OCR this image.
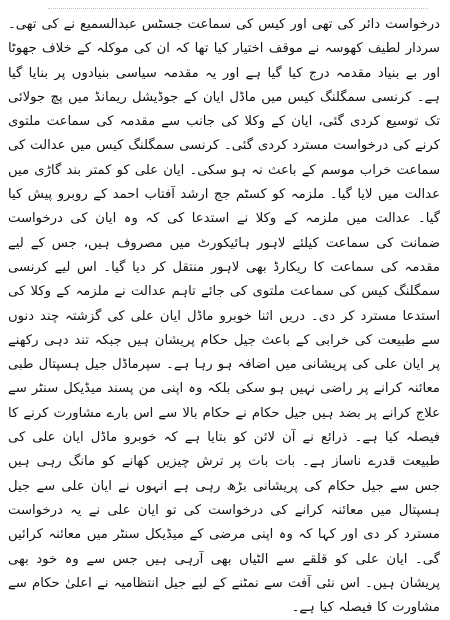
درخواست دائر کی تھی اور کیس کی سماعت جسٹس عبدالسمیع نے کی تھی۔ سردار لطیف کھوسہ نے موقف اختیار کیا تھا کہ ان کی موکلہ کے خلاف جھوٹا اور بے بنیاد مقدمہ درج کیا گیا ہے اور یہ مقدمہ سیاسی بنیادوں پر بنایا گیا ہے۔ کرنسی سمگلنگ کیس میں ماڈل ایان کے جوڈیشل ریمانڈ میں پچ جولائی تک توسیع کردی گئی، ایان کے وکلا کی جانب سے مقدمہ کی سماعت ملتوی کرنے کی درخواست مسترد کردی گئی۔ کرنسی سمگلنگ کیس میں عدالت کی سماعت خراب موسم کے باعث نہ ہو سکی۔ ایان علی کو کمتر بند گاڑی میں عدالت میں لایا گیا۔ ملزمہ کو کسٹم جج ارشد آفتاب احمد کے روبرو پیش کیا گیا۔ عدالت میں ملزمہ کے وکلا نے استدعا کی کہ وہ ایان کی درخواست ضمانت کی سماعت کیلئے لاہور ہائیکورٹ میں مصروف ہیں، جس کے لیے مقدمہ کی سماعت کا ریکارڈ بھی لاہور منتقل کر دیا گیا۔ اس لیے کرنسی سمگلنگ کیس کی سماعت ملتوی کی جائے تاہم عدالت نے ملزمہ کے وکلا کی استدعا مسترد کر دی۔ دریں اثنا خوبرو ماڈل ایان علی کی گزشتہ چند دنوں سے طبیعت کی خرابی کے باعث جیل حکام پریشان ہیں جبکہ تند دہی رکھنے پر ایان علی کی پریشانی میں اضافہ ہو رہا ہے۔ سپرماڈل جیل ہسپتال طبی معائنہ کرانے پر راضی نہیں ہو سکی بلکہ وہ اپنی من پسند میڈیکل سنٹر سے علاج کرانے پر بضد ہیں جیل حکام نے حکام بالا سے اس بارے مشاورت کرنے کا فیصلہ کیا ہے۔ ذرائع نے آن لائن کو بتایا ہے کہ خوبرو ماڈل ایان علی کی طبیعت قدرے ناساز ہے۔ بات بات پر ترش چیزیں کھانے کو مانگ رہی ہیں جس سے جیل حکام کی پریشانی بڑھ رہی ہے انہوں نے ایان علی سے جیل ہسپتال میں معائنہ کرانے کی درخواست کی تو ایان علی نے یہ درخواست مسترد کر دی اور کہا کہ وہ اپنی مرضی کے میڈیکل سنٹر میں معائنہ کرائیں گی۔ ایان علی کو قلقے سے الٹیاں بھی آرہی ہیں جس سے وہ خود بھی پریشان ہیں۔ اس نئی آفت سے نمٹنے کے لیے جیل انتظامیہ نے اعلیٰ حکام سے مشاورت کا فیصلہ کیا ہے۔
